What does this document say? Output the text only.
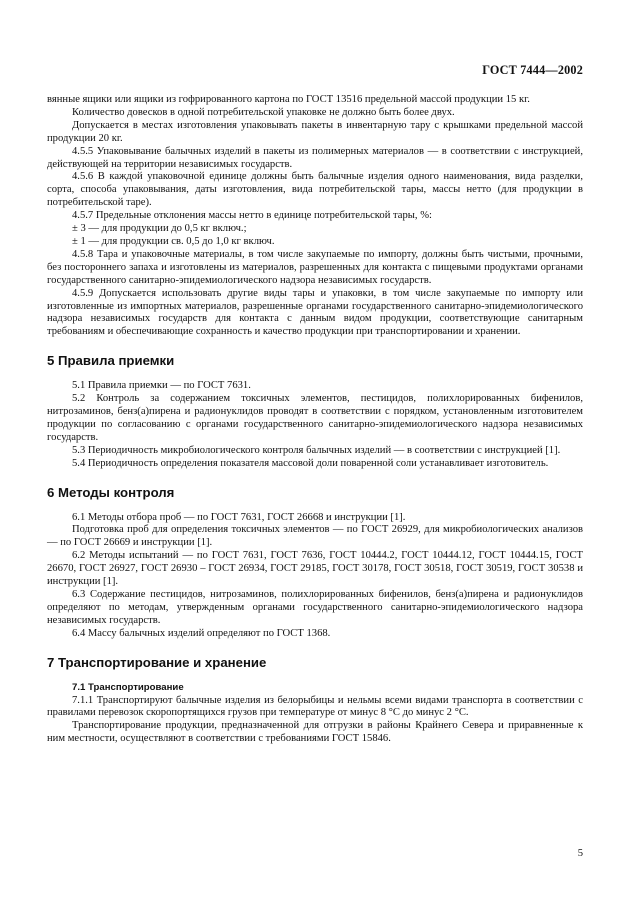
ГОСТ 7444—2002

вянные ящики или ящики из гофрированного картона по ГОСТ 13516 предельной массой продукции 15 кг.

Количество довесков в одной потребительской упаковке не должно быть более двух.

Допускается в местах изготовления упаковывать пакеты в инвентарную тару с крышками предельной массой продукции 20 кг.

4.5.5 Упаковывание балычных изделий в пакеты из полимерных материалов — в соответствии с инструкцией, действующей на территории независимых государств.

4.5.6 В каждой упаковочной единице должны быть балычные изделия одного наименования, вида разделки, сорта, способа упаковывания, даты изготовления, вида потребительской тары, массы нетто (для продукции в потребительской таре).

4.5.7 Предельные отклонения массы нетто в единице потребительской тары, %:

± 3 — для продукции до 0,5 кг включ.;

± 1 — для продукции св. 0,5 до 1,0 кг включ.

4.5.8 Тара и упаковочные материалы, в том числе закупаемые по импорту, должны быть чистыми, прочными, без постороннего запаха и изготовлены из материалов, разрешенных для контакта с пищевыми продуктами органами государственного санитарно-эпидемиологического надзора независимых государств.

4.5.9 Допускается использовать другие виды тары и упаковки, в том числе закупаемые по импорту или изготовленные из импортных материалов, разрешенные органами государственного санитарно-эпидемиологического надзора независимых государств для контакта с данным видом продукции, соответствующие санитарным требованиям и обеспечивающие сохранность и качество продукции при транспортировании и хранении.

5 Правила приемки

5.1 Правила приемки — по ГОСТ 7631.

5.2 Контроль за содержанием токсичных элементов, пестицидов, полихлорированных бифенилов, нитрозаминов, бенз(а)пирена и радионуклидов проводят в соответствии с порядком, установленным изготовителем продукции по согласованию с органами государственного санитарно-эпидемиологического надзора независимых государств.

5.3 Периодичность микробиологического контроля балычных изделий — в соответствии с инструкцией [1].

5.4 Периодичность определения показателя массовой доли поваренной соли устанавливает изготовитель.

6 Методы контроля

6.1 Методы отбора проб — по ГОСТ 7631, ГОСТ 26668 и инструкции [1].

Подготовка проб для определения токсичных элементов — по ГОСТ 26929, для микробиологических анализов — по ГОСТ 26669 и инструкции [1].

6.2 Методы испытаний — по ГОСТ 7631, ГОСТ 7636, ГОСТ 10444.2, ГОСТ 10444.12, ГОСТ 10444.15, ГОСТ 26670, ГОСТ 26927, ГОСТ 26930 – ГОСТ 26934, ГОСТ 29185, ГОСТ 30178, ГОСТ 30518, ГОСТ 30519, ГОСТ 30538 и инструкции [1].

6.3 Содержание пестицидов, нитрозаминов, полихлорированных бифенилов, бенз(а)пирена и радионуклидов определяют по методам, утвержденным органами государственного санитарно-эпидемиологического надзора независимых государств.

6.4 Массу балычных изделий определяют по ГОСТ 1368.

7 Транспортирование и хранение

7.1 Транспортирование

7.1.1 Транспортируют балычные изделия из белорыбицы и нельмы всеми видами транспорта в соответствии с правилами перевозок скоропортящихся грузов при температуре от минус 8 °С до минус 2 °С.

Транспортирование продукции, предназначенной для отгрузки в районы Крайнего Севера и приравненные к ним местности, осуществляют в соответствии с требованиями ГОСТ 15846.

5
